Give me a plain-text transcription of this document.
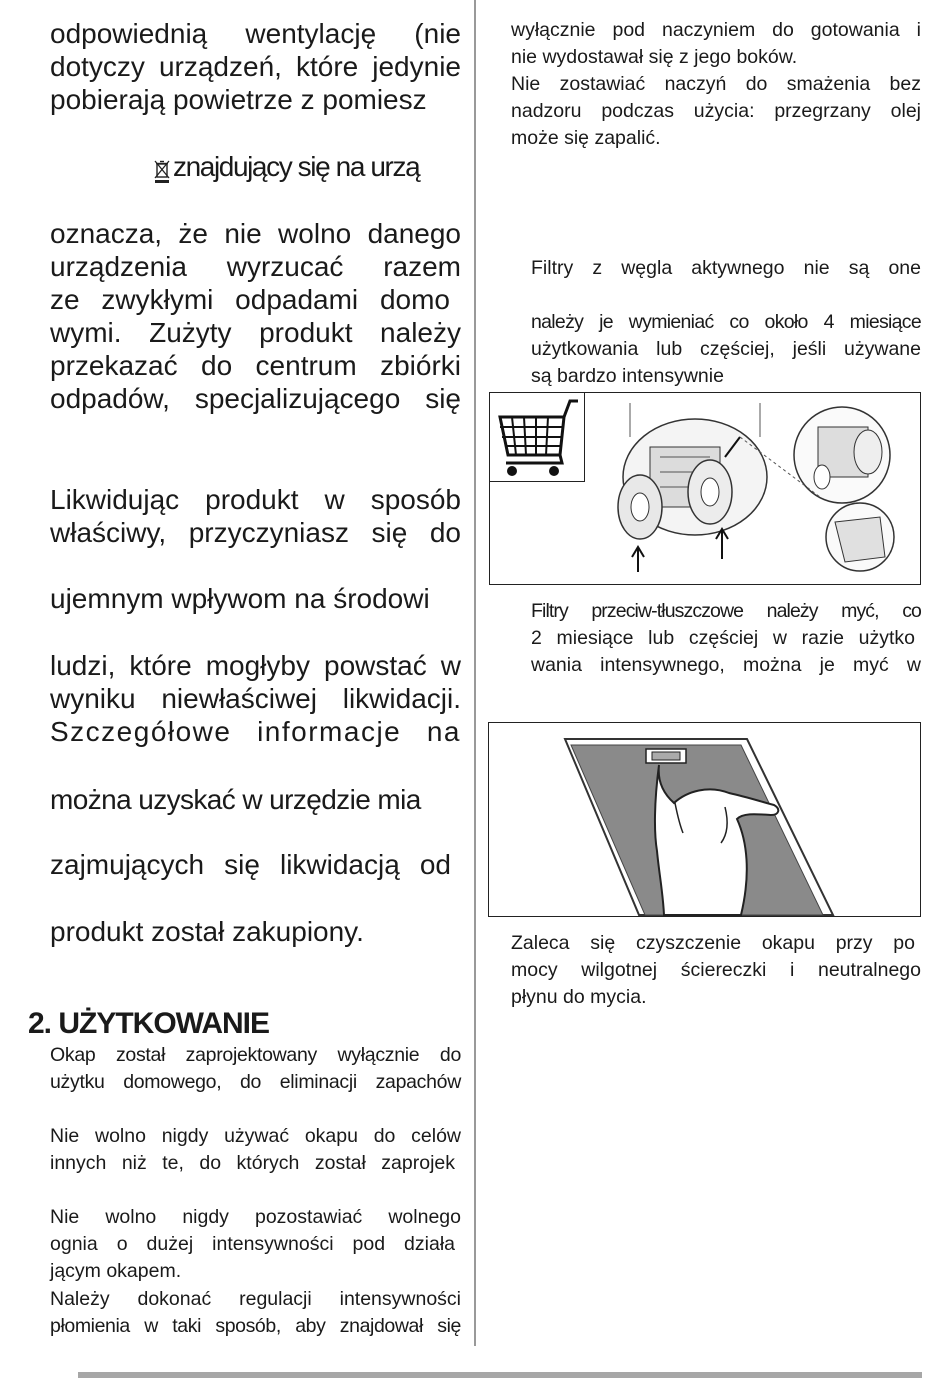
odpowiednią wentylację (nie
dotyczy urządzeń, które jedynie
pobierają powietrze z pomiesz
znajdujący się na urzą
oznacza, że nie wolno danego
urządzenia wyrzucać razem
ze zwykłymi odpadami domo
wymi. Zużyty produkt należy
przekazać do centrum zbiórki
odpadów, specjalizującego się
Likwidując produkt w sposób
właściwy, przyczyniasz się do
ujemnym wpływom na środowi
ludzi, które mogłyby powstać w
wyniku niewłaściwej likwidacji.
Szczegółowe informacje na
można uzyskać w urzędzie mia
zajmujących się likwidacją od
produkt został zakupiony.
2. UŻYTKOWANIE
Okap został zaprojektowany wyłącznie do
użytku domowego, do eliminacji zapachów
Nie wolno nigdy używać okapu do celów
innych niż te, do których został zaprojek
Nie wolno nigdy pozostawiać wolnego
ognia o dużej intensywności pod działa
jącym okapem.
Należy dokonać regulacji intensywności
płomienia w taki sposób, aby znajdował się
wyłącznie pod naczyniem do gotowania i
nie wydostawał się z jego boków.
Nie zostawiać naczyń do smażenia bez
nadzoru podczas użycia: przegrzany olej
może się zapalić.
Filtry z węgla aktywnego nie są one
należy je wymieniać co około 4 miesiące
użytkowania lub częściej, jeśli używane
są bardzo intensywnie
Filtry przeciw-tłuszczowe należy myć, co
2 miesiące lub częściej w razie użytko
wania intensywnego, można je myć w
Zaleca się czyszczenie okapu przy po
mocy wilgotnej ściereczki i neutralnego
płynu do mycia.
